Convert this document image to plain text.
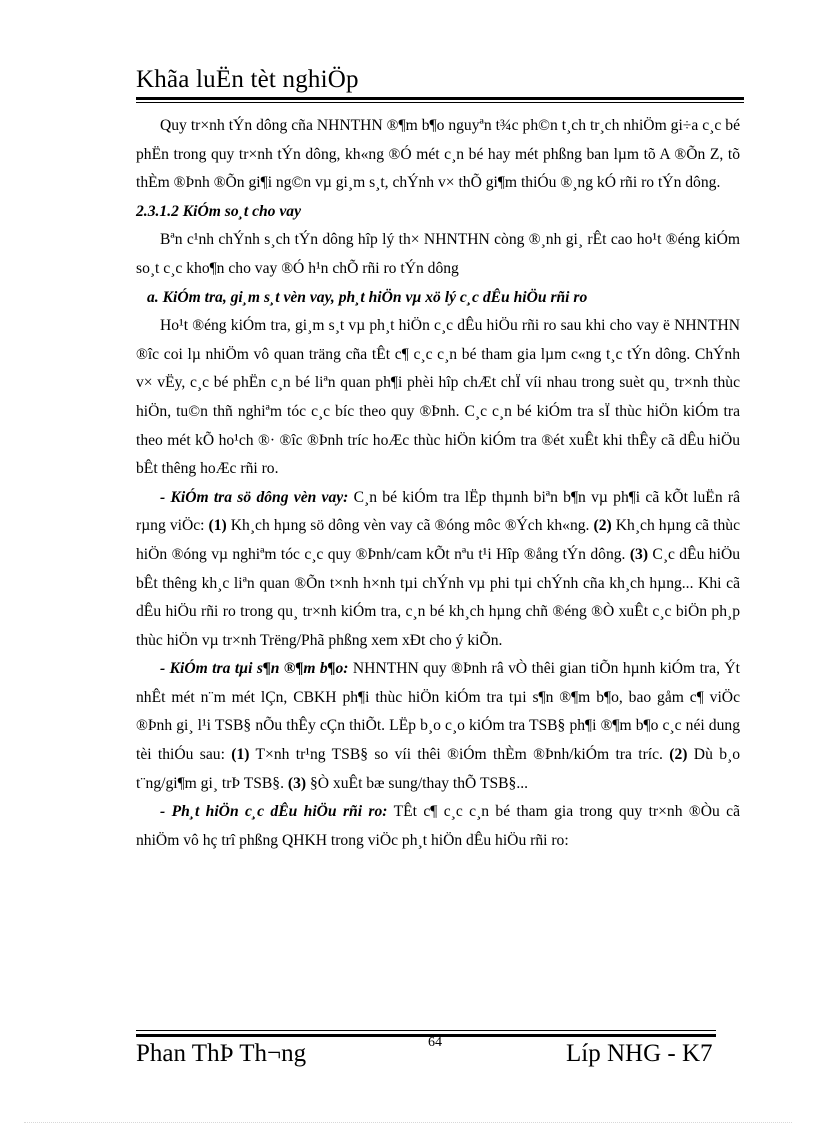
Khãa luËn tèt nghiÖp

Quy tr×nh tÝn dông cña NHNTHN ®¶m b¶o nguyªn t¾c ph©n t¸ch tr¸ch nhiÖm gi÷a c¸c bé phËn trong quy tr×nh tÝn dông, kh«ng ®Ó mét c¸n bé hay mét phßng ban lµm tõ A ®Õn Z, tõ thÈm ®Þnh ®Õn gi¶i ng©n vµ gi¸m s¸t, chÝnh v× thÕ gi¶m thiÓu ®¸ng kÓ rñi ro tÝn dông.

2.3.1.2 KiÓm so¸t cho vay

Bªn c¹nh chÝnh s¸ch tÝn dông hîp lý th× NHNTHN còng ®¸nh gi¸ rÊt cao ho¹t ®éng kiÓm so¸t c¸c kho¶n cho vay ®Ó h¹n chÕ rñi ro tÝn dông

a. KiÓm tra, gi¸m s¸t vèn vay, ph¸t hiÖn vµ xö lý c¸c dÊu hiÖu rñi ro

Ho¹t ®éng kiÓm tra, gi¸m s¸t vµ ph¸t hiÖn c¸c dÊu hiÖu rñi ro sau khi cho vay ë NHNTHN ®îc coi lµ nhiÖm vô quan träng cña tÊt c¶ c¸c c¸n bé tham gia lµm c«ng t¸c tÝn dông. ChÝnh v× vËy, c¸c bé phËn c¸n bé liªn quan ph¶i phèi hîp chÆt chÏ víi nhau trong suèt qu¸ tr×nh thùc hiÖn, tu©n thñ nghiªm tóc c¸c bíc theo quy ®Þnh. C¸c c¸n bé kiÓm tra sÏ thùc hiÖn kiÓm tra theo mét kÕ ho¹ch ®· ®îc ®Þnh tríc hoÆc thùc hiÖn kiÓm tra ®ét xuÊt khi thÊy cã dÊu hiÖu bÊt thêng hoÆc rñi ro.

- KiÓm tra sö dông vèn vay: C¸n bé kiÓm tra lËp thµnh biªn b¶n vµ ph¶i cã kÕt luËn râ rµng viÖc: (1) Kh¸ch hµng sö dông vèn vay cã ®óng môc ®Ých kh«ng. (2) Kh¸ch hµng cã thùc hiÖn ®óng vµ nghiªm tóc c¸c quy ®Þnh/cam kÕt nªu t¹i Hîp ®ång tÝn dông. (3) C¸c dÊu hiÖu bÊt thêng kh¸c liªn quan ®Õn t×nh h×nh tµi chÝnh vµ phi tµi chÝnh cña kh¸ch hµng... Khi cã dÊu hiÖu rñi ro trong qu¸ tr×nh kiÓm tra, c¸n bé kh¸ch hµng chñ ®éng ®Ò xuÊt c¸c biÖn ph¸p thùc hiÖn vµ tr×nh Trëng/Phã phßng xem xÐt cho ý kiÕn.

- KiÓm tra tµi s¶n ®¶m b¶o: NHNTHN quy ®Þnh râ vÒ thêi gian tiÕn hµnh kiÓm tra, Ýt nhÊt mét n¨m mét lÇn, CBKH ph¶i thùc hiÖn kiÓm tra tµi s¶n ®¶m b¶o, bao gåm c¶ viÖc ®Þnh gi¸ l¹i TSB§ nÕu thÊy cÇn thiÕt. LËp b¸o c¸o kiÓm tra TSB§ ph¶i ®¶m b¶o c¸c néi dung tèi thiÓu sau: (1) T×nh tr¹ng TSB§ so víi thêi ®iÓm thÈm ®Þnh/kiÓm tra tríc. (2) Dù b¸o t¨ng/gi¶m gi¸ trÞ TSB§. (3) §Ò xuÊt bæ sung/thay thÕ TSB§...

- Ph¸t hiÖn c¸c dÊu hiÖu rñi ro: TÊt c¶ c¸c c¸n bé tham gia trong quy tr×nh ®Òu cã nhiÖm vô hç trî phßng QHKH trong viÖc ph¸t hiÖn dÊu hiÖu rñi ro:

Phan ThÞ Th¬ng	64	Líp NHG - K7
